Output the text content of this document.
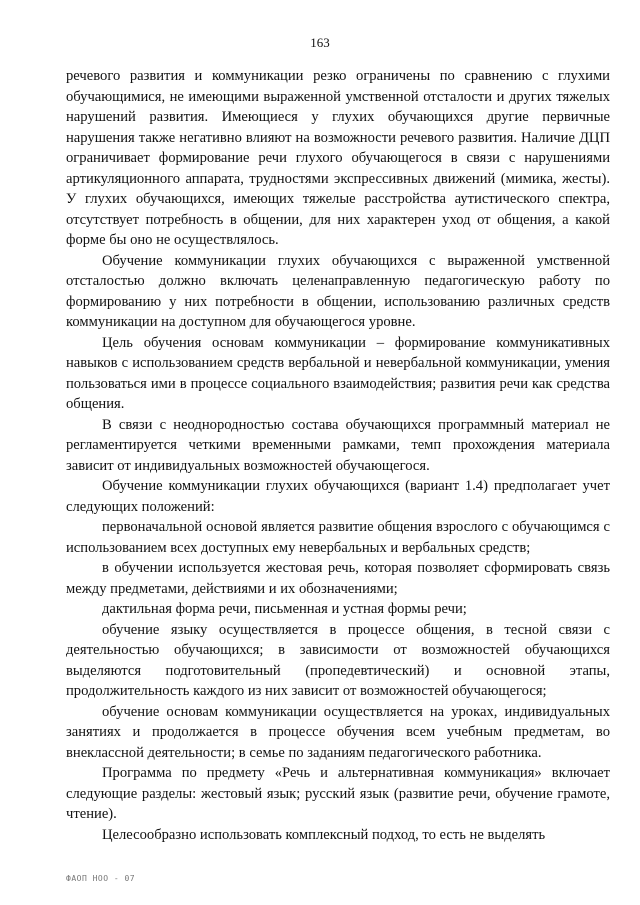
163

речевого развития и коммуникации резко ограничены по сравнению с глухими обучающимися, не имеющими выраженной умственной отсталости и других тяжелых нарушений развития. Имеющиеся у глухих обучающихся другие первичные нарушения также негативно влияют на возможности речевого развития. Наличие ДЦП ограничивает формирование речи глухого обучающегося в связи с нарушениями артикуляционного аппарата, трудностями экспрессивных движений (мимика, жесты). У глухих обучающихся, имеющих тяжелые расстройства аутистического спектра, отсутствует потребность в общении, для них характерен уход от общения, а какой форме бы оно не осуществлялось.

Обучение коммуникации глухих обучающихся с выраженной умственной отсталостью должно включать целенаправленную педагогическую работу по формированию у них потребности в общении, использованию различных средств коммуникации на доступном для обучающегося уровне.

Цель обучения основам коммуникации – формирование коммуникативных навыков с использованием средств вербальной и невербальной коммуникации, умения пользоваться ими в процессе социального взаимодействия; развития речи как средства общения.

В связи с неоднородностью состава обучающихся программный материал не регламентируется четкими временными рамками, темп прохождения материала зависит от индивидуальных возможностей обучающегося.

Обучение коммуникации глухих обучающихся (вариант 1.4) предполагает учет следующих положений:

первоначальной основой является развитие общения взрослого с обучающимся с использованием всех доступных ему невербальных и вербальных средств;

в обучении используется жестовая речь, которая позволяет сформировать связь между предметами, действиями и их обозначениями;

дактильная форма речи, письменная и устная формы речи;

обучение языку осуществляется в процессе общения, в тесной связи с деятельностью обучающихся; в зависимости от возможностей обучающихся выделяются подготовительный (пропедевтический) и основной этапы, продолжительность каждого из них зависит от возможностей обучающегося;

обучение основам коммуникации осуществляется на уроках, индивидуальных занятиях и продолжается в процессе обучения всем учебным предметам, во внеклассной деятельности; в семье по заданиям педагогического работника.

Программа по предмету «Речь и альтернативная коммуникация» включает следующие разделы: жестовый язык; русский язык (развитие речи, обучение грамоте, чтение).

Целесообразно использовать комплексный подход, то есть не выделять

ФАОП НОО - 07
